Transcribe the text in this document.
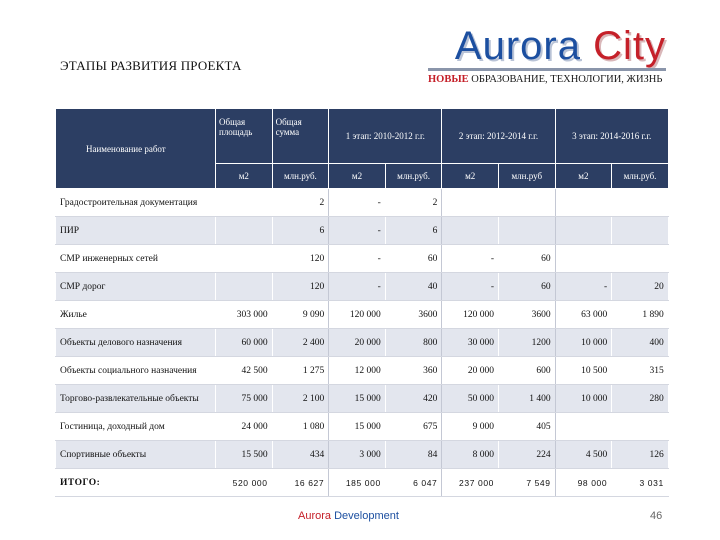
ЭТАПЫ РАЗВИТИЯ ПРОЕКТА	Aurora City
НОВЫЕ ОБРАЗОВАНИЕ, ТЕХНОЛОГИИ, ЖИЗНЬ
Наименование работ	Общая площадь	Общая сумма	1 этап: 2010-2012 г.г.		2 этап: 2012-2014 г.г.		3 этап: 2014-2016 г.г.	
	м2	млн.руб.	м2	млн.руб.	м2	млн.руб	м2	млн.руб.
Градостроительная документация		2	-	2				
ПИР		6	-	6				
СМР инженерных сетей		120	-	60	-	60		
СМР дорог		120	-	40	-	60	-	20
Жилье	303 000	9 090	120 000	3600	120 000	3600	63 000	1 890
Объекты делового назначения	60 000	2 400	20 000	800	30 000	1200	10 000	400
Объекты социального назначения	42 500	1 275	12 000	360	20 000	600	10 500	315
Торгово-развлекательные объекты	75 000	2 100	15 000	420	50 000	1 400	10 000	280
Гостиница, доходный дом	24 000	1 080	15 000	675	9 000	405		
Спортивные объекты	15 500	434	3 000	84	8 000	224	4 500	126
ИТОГО:	520 000	16 627	185 000	6 047	237 000	7 549	98 000	3 031
Aurora Development	46
